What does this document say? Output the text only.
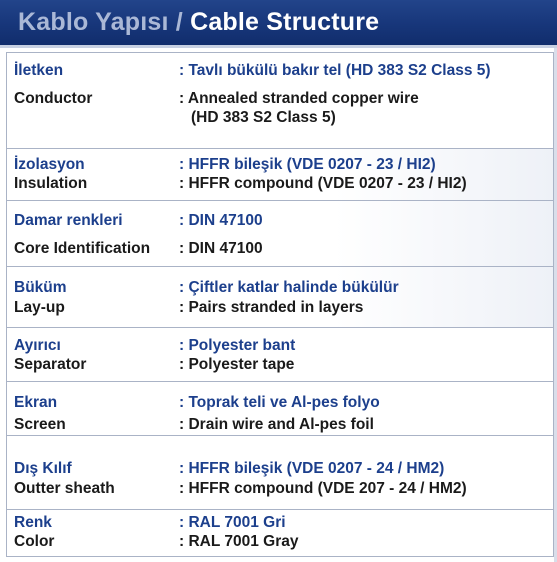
Kablo Yapısı / Cable Structure
İletken	: Tavlı bükülü bakır tel (HD 383 S2 Class 5)
Conductor	: Annealed stranded copper wire
(HD 383 S2 Class 5)
İzolasyon	: HFFR bileşik (VDE 0207 - 23 / HI2)
Insulation	: HFFR compound (VDE 0207 - 23 / HI2)
Damar renkleri	: DIN 47100
Core Identification : DIN 47100
Büküm	: Çiftler katlar halinde bükülür
Lay-up	: Pairs stranded in layers
Ayırıcı	: Polyester bant
Separator	: Polyester tape
Ekran	: Toprak teli ve Al-pes folyo
Screen	: Drain wire and Al-pes foil
Dış Kılıf	: HFFR bileşik (VDE 0207 - 24 / HM2)
Outter sheath	: HFFR compound (VDE 207 - 24 / HM2)
Renk	: RAL 7001 Gri
Color	: RAL 7001 Gray
